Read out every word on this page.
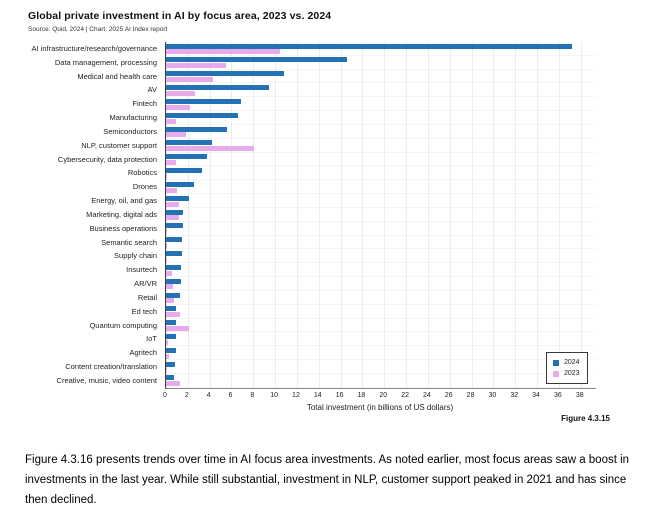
Global private investment in AI by focus area, 2023 vs. 2024
Source: Quid, 2024 | Chart: 2025 AI Index report
AI infrastructure/research/governance
Data management, processing
Medical and health care
AV
Fintech
Manufacturing
Semiconductors
NLP, customer support
Cybersecurity, data protection
Robotics
Drones
Energy, oil, and gas
Marketing, digital ads
Business operations
Semantic search
Supply chain
Insurtech
AR/VR
Retail
Ed tech
Quantum computing
IoT
Agritech
Content creation/translation
Creative, music, video content
2024
2023
0	2	4	6	8 10 12 14 16 18 20 22 24 26 28 30 32 34 36 38
Total investment (in billions of US dollars)
Figure 4.3.15
Figure 4.3.16 presents trends over time in AI focus area investments. As noted earlier, most focus areas saw a boost in investments in the last year. While still substantial, investment in NLP, customer support peaked in 2021 and has since then declined.
